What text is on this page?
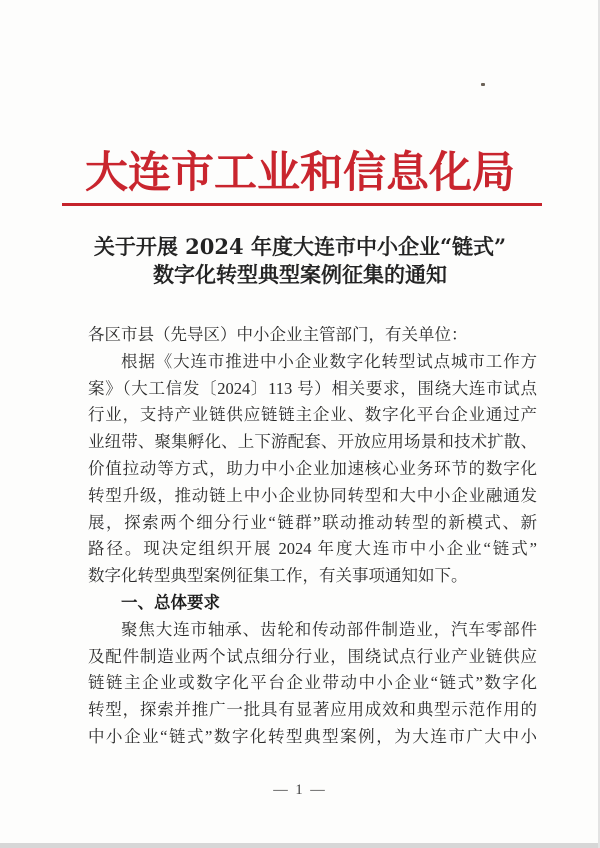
大连市工业和信息化局
关于开展 2024 年度大连市中小企业“链式”
数字化转型典型案例征集的通知
各区市县（先导区）中小企业主管部门，有关单位：
根据《大连市推进中小企业数字化转型试点城市工作方
案》（大工信发〔2024〕113 号）相关要求，围绕大连市试点
行业，支持产业链供应链链主企业、数字化平台企业通过产
业纽带、聚集孵化、上下游配套、开放应用场景和技术扩散、
价值拉动等方式，助力中小企业加速核心业务环节的数字化
转型升级，推动链上中小企业协同转型和大中小企业融通发
展，探索两个细分行业“链群”联动推动转型的新模式、新
路径。现决定组织开展 2024 年度大连市中小企业“链式”
数字化转型典型案例征集工作，有关事项通知如下。
一、总体要求
聚焦大连市轴承、齿轮和传动部件制造业，汽车零部件
及配件制造业两个试点细分行业，围绕试点行业产业链供应
链链主企业或数字化平台企业带动中小企业“链式”数字化
转型，探索并推广一批具有显著应用成效和典型示范作用的
中小企业“链式”数字化转型典型案例，为大连市广大中小
— 1 —
